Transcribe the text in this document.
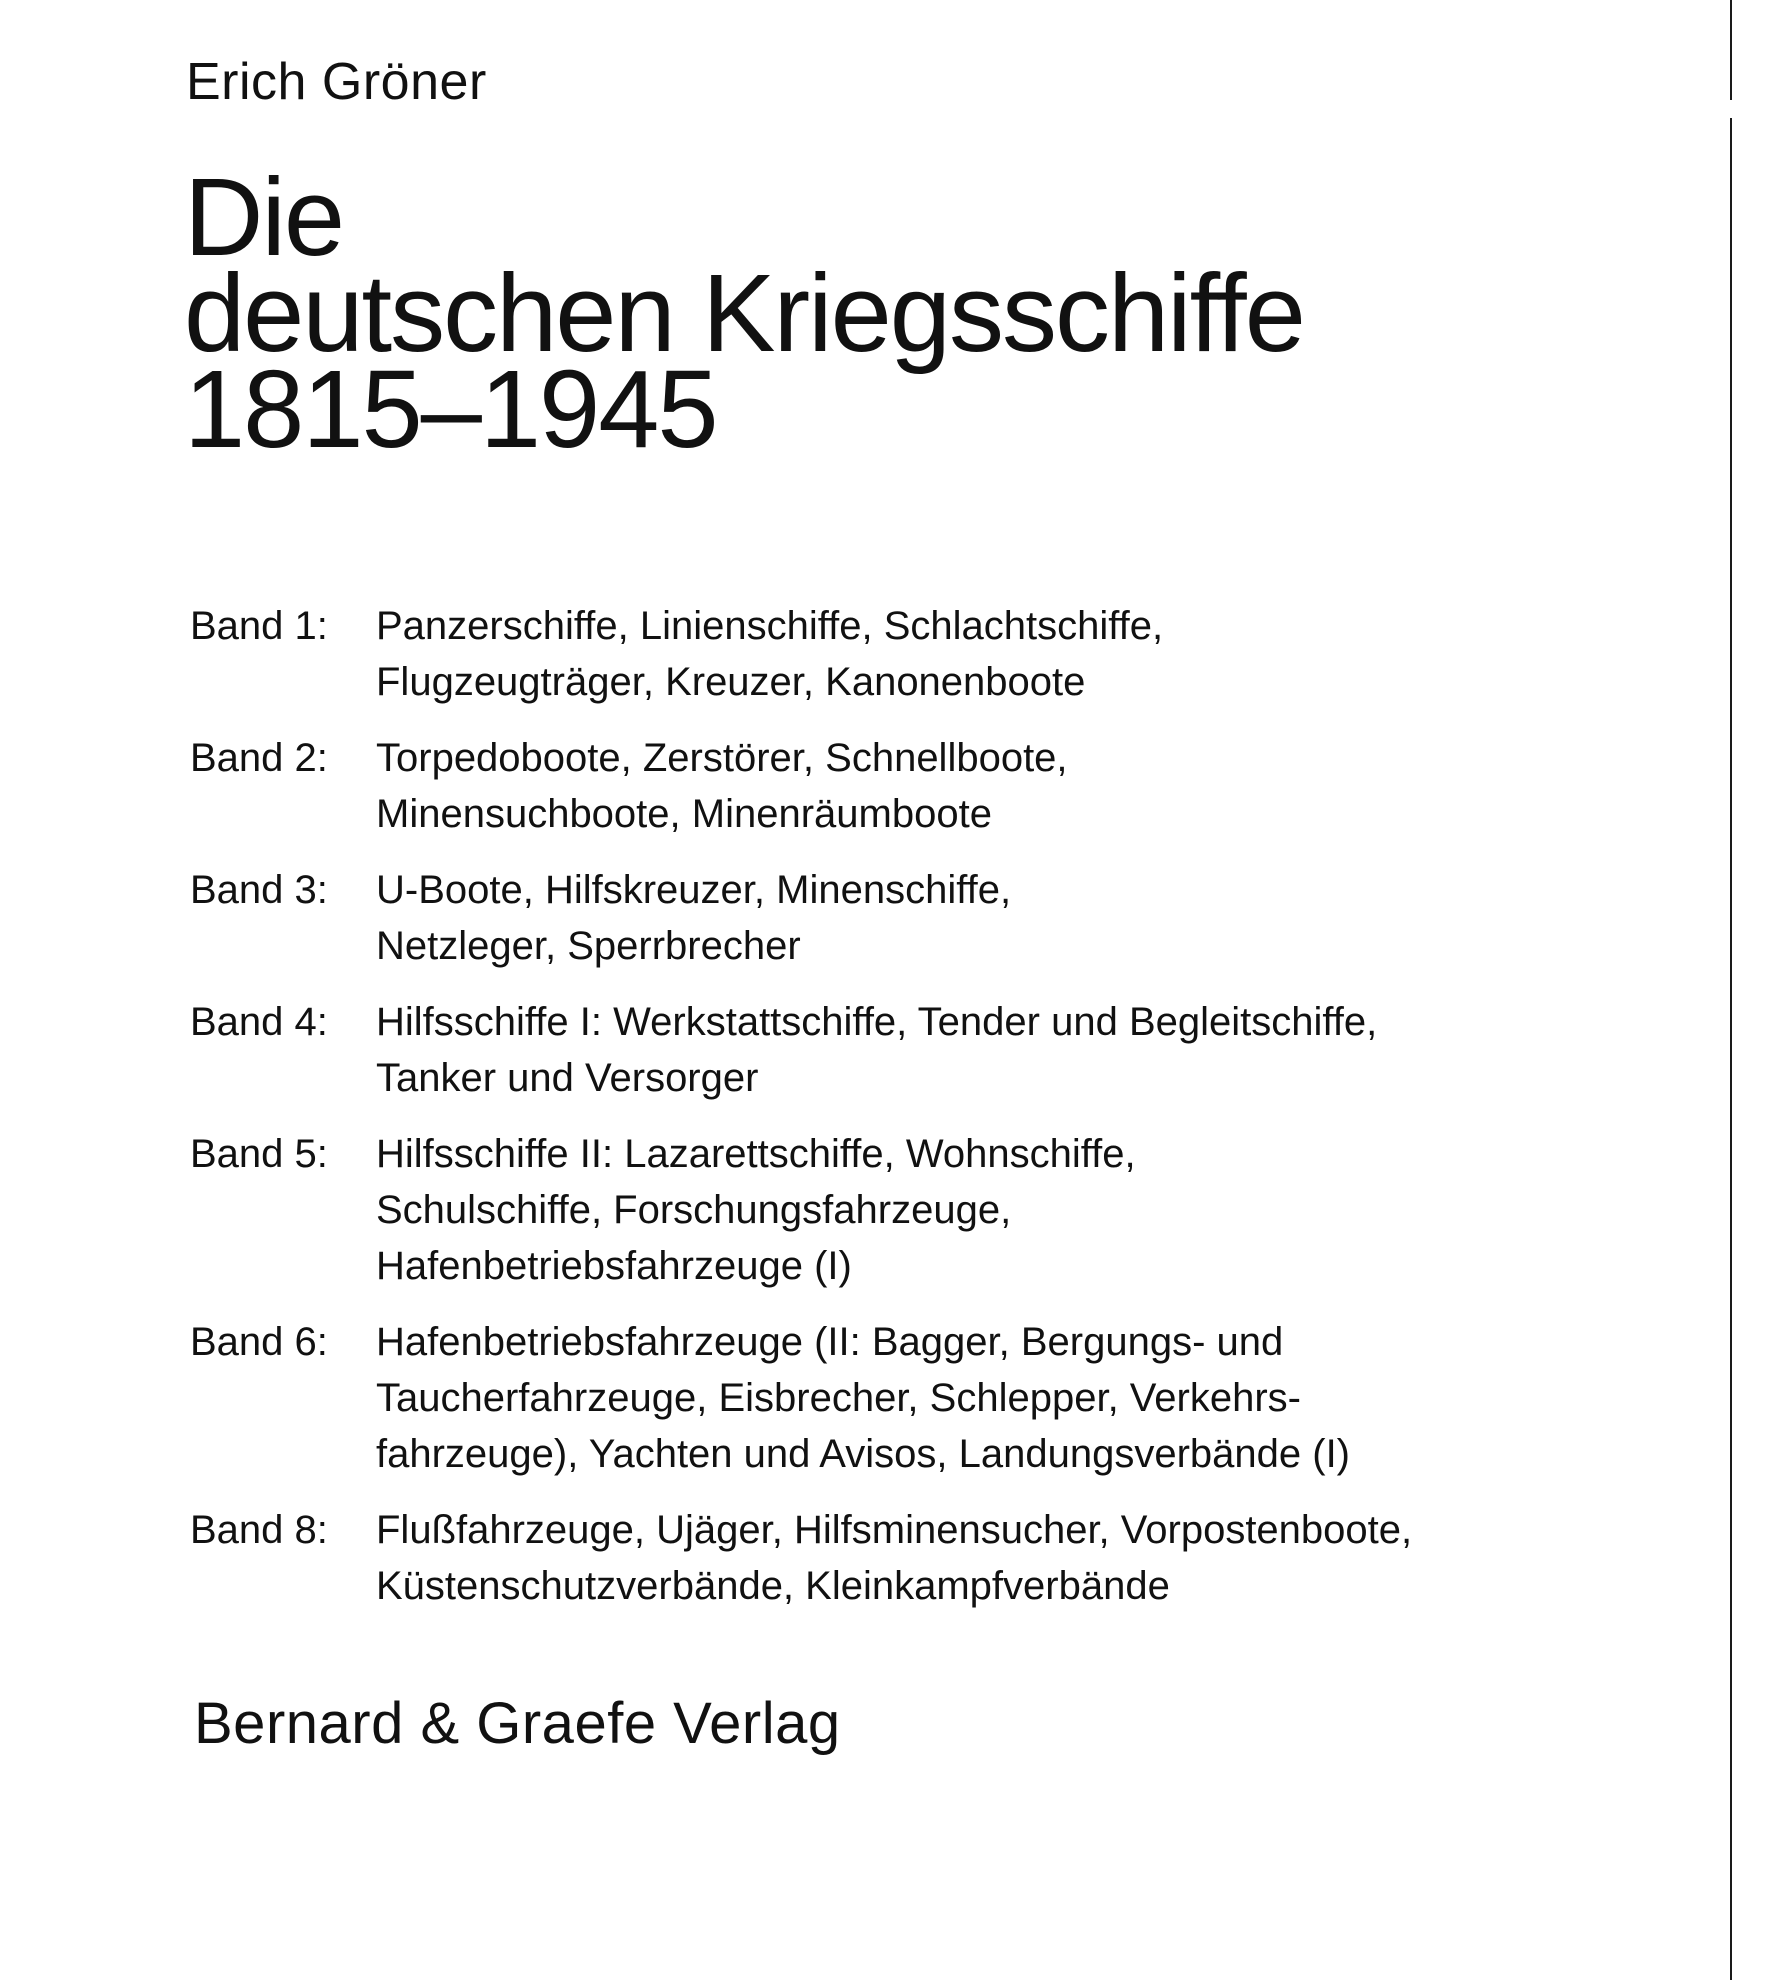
Erich Gröner
Die
deutschen Kriegsschiffe
1815–1945
Band 1:	Panzerschiffe, Linienschiffe, Schlachtschiffe,
Flugzeugträger, Kreuzer, Kanonenboote
Band 2:	Torpedoboote, Zerstörer, Schnellboote,
Minensuchboote, Minenräumboote
Band 3:	U-Boote, Hilfskreuzer, Minenschiffe,
Netzleger, Sperrbrecher
Band 4:	Hilfsschiffe I: Werkstattschiffe, Tender und Begleitschiffe,
Tanker und Versorger
Band 5:	Hilfsschiffe II: Lazarettschiffe, Wohnschiffe,
Schulschiffe, Forschungsfahrzeuge,
Hafenbetriebsfahrzeuge (I)
Band 6:	Hafenbetriebsfahrzeuge (II: Bagger, Bergungs- und
Taucherfahrzeuge, Eisbrecher, Schlepper, Verkehrs-
fahrzeuge), Yachten und Avisos, Landungsverbände (I)
Band 8:	Flußfahrzeuge, Ujäger, Hilfsminensucher, Vorpostenboote,
Küstenschutzverbände, Kleinkampfverbände
Bernard & Graefe Verlag
